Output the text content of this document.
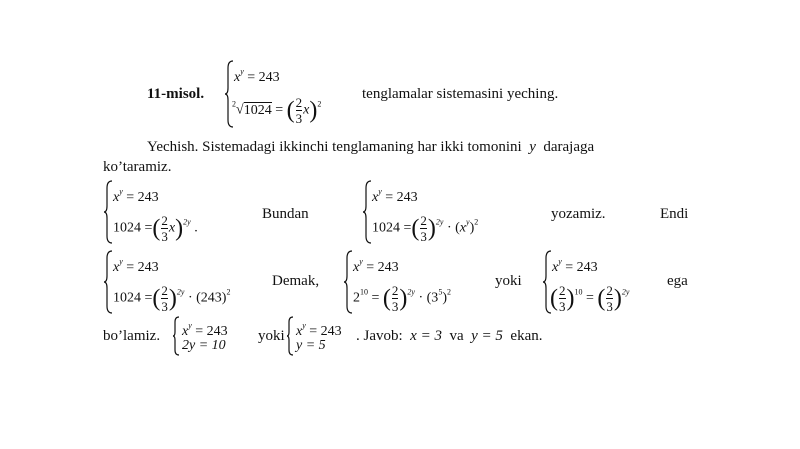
11-misol.
$x^y = 243$
$^2$√1024 = ( $\frac{2}{3} x)^2$
tenglamalar sistemasini yeching.
Yechish. Sistemadagi ikkinchi tenglamaning har ikki tomonini y darajaga
ko’taramiz.
$x^y = 243$
1024 =( $\frac{2}{3} x)^{2y}$ .
Bundan
$x^y = 243$
1024 =( $\frac{2}{3} )^{2y} \cdot (x^y)^2$
yozamiz.	Endi
$x^y = 243$
1024 =( $\frac{2}{3} )^{2y} \cdot (243)^2$
Demak,
$x^y = 243$
$2^{10}$ = ( $\frac{2}{3} )^{2y} \cdot (3^5)^2$
yoki
$x^y = 243$
( $\frac{2}{3} )^{10}$ = ( $\frac{2}{3} )^{2y}$
ega
bo’lamiz. $x^y = 243$
2y = 10
yoki $x^y = 243$
y = 5
. Javob: x = 3 va y = 5 ekan.
